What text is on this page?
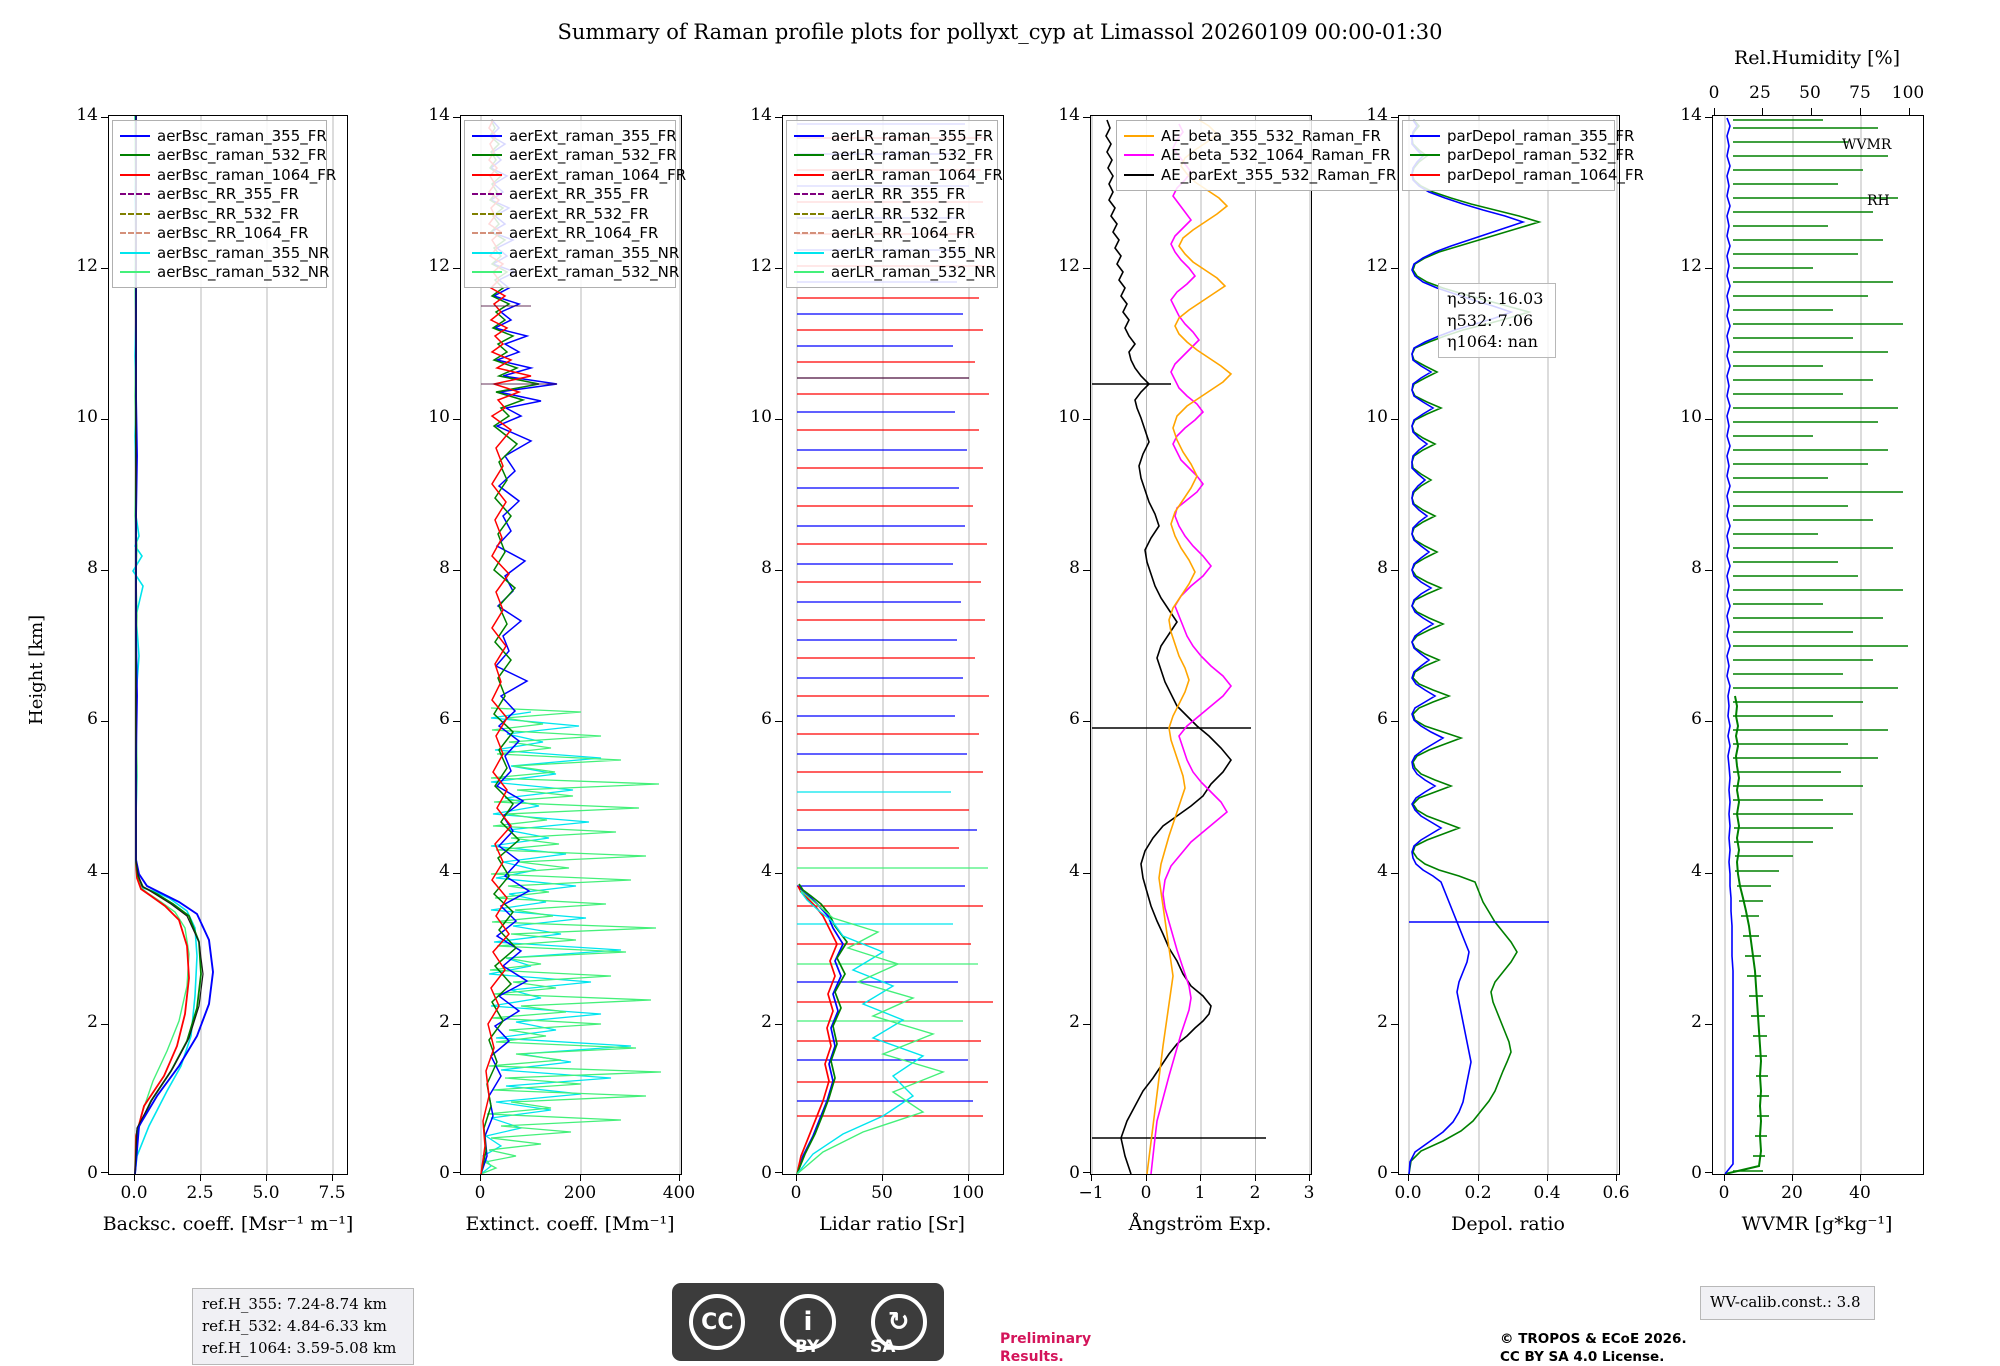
Summary of Raman profile plots for pollyxt_cyp at Limassol 20260109 00:00-01:30
14
12
10
8
6
4
2
0
0.0	2.5	5.0	7.5
Backsc. coeff. [Msr⁻¹ m⁻¹]
Height [km]
aerBsc_raman_355_FR
aerBsc_raman_532_FR
aerBsc_raman_1064_FR
aerBsc_RR_355_FR
aerBsc_RR_532_FR
aerBsc_RR_1064_FR
aerBsc_raman_355_NR
aerBsc_raman_532_NR
14
12
10
8
6
4
2
0
0	200	400
Extinct. coeff. [Mm⁻¹]
aerExt_raman_355_FR
aerExt_raman_532_FR
aerExt_raman_1064_FR
aerExt_RR_355_FR
aerExt_RR_532_FR
aerExt_RR_1064_FR
aerExt_raman_355_NR
aerExt_raman_532_NR
14
12
10
8
6
4
2
0
0	50	100
Lidar ratio [Sr]
aerLR_raman_355_FR
aerLR_raman_532_FR
aerLR_raman_1064_FR
aerLR_RR_355_FR
aerLR_RR_532_FR
aerLR_RR_1064_FR
aerLR_raman_355_NR
aerLR_raman_532_NR
14
12
10
8
6
4
2
0
−1	0	1	2	3
Ångström Exp.
AE_beta_355_532_Raman_FR
AE_beta_532_1064_Raman_FR
AE_parExt_355_532_Raman_FR
14
12
10
8
6
4
2
0
0.0	0.2	0.4	0.6
Depol. ratio
parDepol_raman_355_FR
parDepol_raman_532_FR
parDepol_raman_1064_FR
η355: 16.03
η532: 7.06
η1064: nan
14
12
10
8
6
4
2
0
0	20	40
0	25	50	75	100
Rel.Humidity [%]
WVMR [g*kg⁻¹]
WVMR
RH
ref.H_355: 7.24-8.74 km
ref.H_532: 4.84-6.33 km
ref.H_1064: 3.59-5.08 km
CC	i	↻
BY	SA	Preliminary
Results.
© TROPOS & ECoE 2026.
CC BY SA 4.0 License.
WV-calib.const.: 3.8
